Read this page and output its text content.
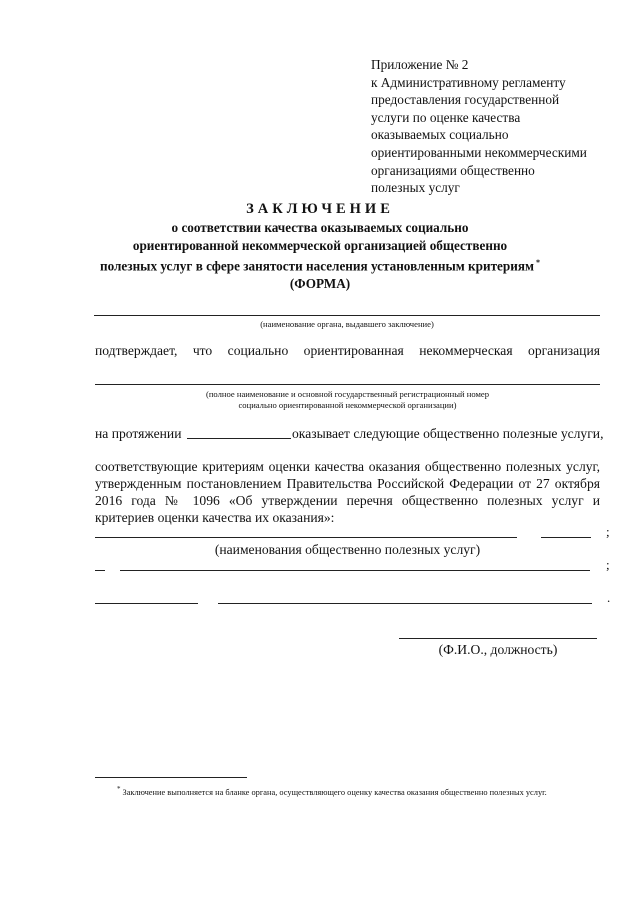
Приложение № 2
к Административному регламенту
предоставления государственной
услуги по оценке качества
оказываемых социально
ориентированными некоммерческими
организациями общественно
полезных услуг
ЗАКЛЮЧЕНИЕ
о соответствии качества оказываемых социально
ориентированной некоммерческой организацией общественно
полезных услуг в сфере занятости населения установленным критериям *
(ФОРМА)
(наименование органа, выдавшего заключение)
подтверждает, что социально ориентированная некоммерческая организация
(полное наименование и основной государственный регистрационный номер
социально ориентированной некоммерческой организации)
на протяжении	оказывает следующие общественно полезные услуги,
соответствующие критериям оценки качества оказания общественно полезных услуг, утвержденным постановлением Правительства Российской Федерации от 27 октября 2016 года № 1096 «Об утверждении перечня общественно полезных услуг и критериев оценки качества их оказания»:
;
(наименования общественно полезных услуг)
;
.
(Ф.И.О., должность)
* Заключение выполняется на бланке органа, осуществляющего оценку качества оказания общественно полезных услуг.
